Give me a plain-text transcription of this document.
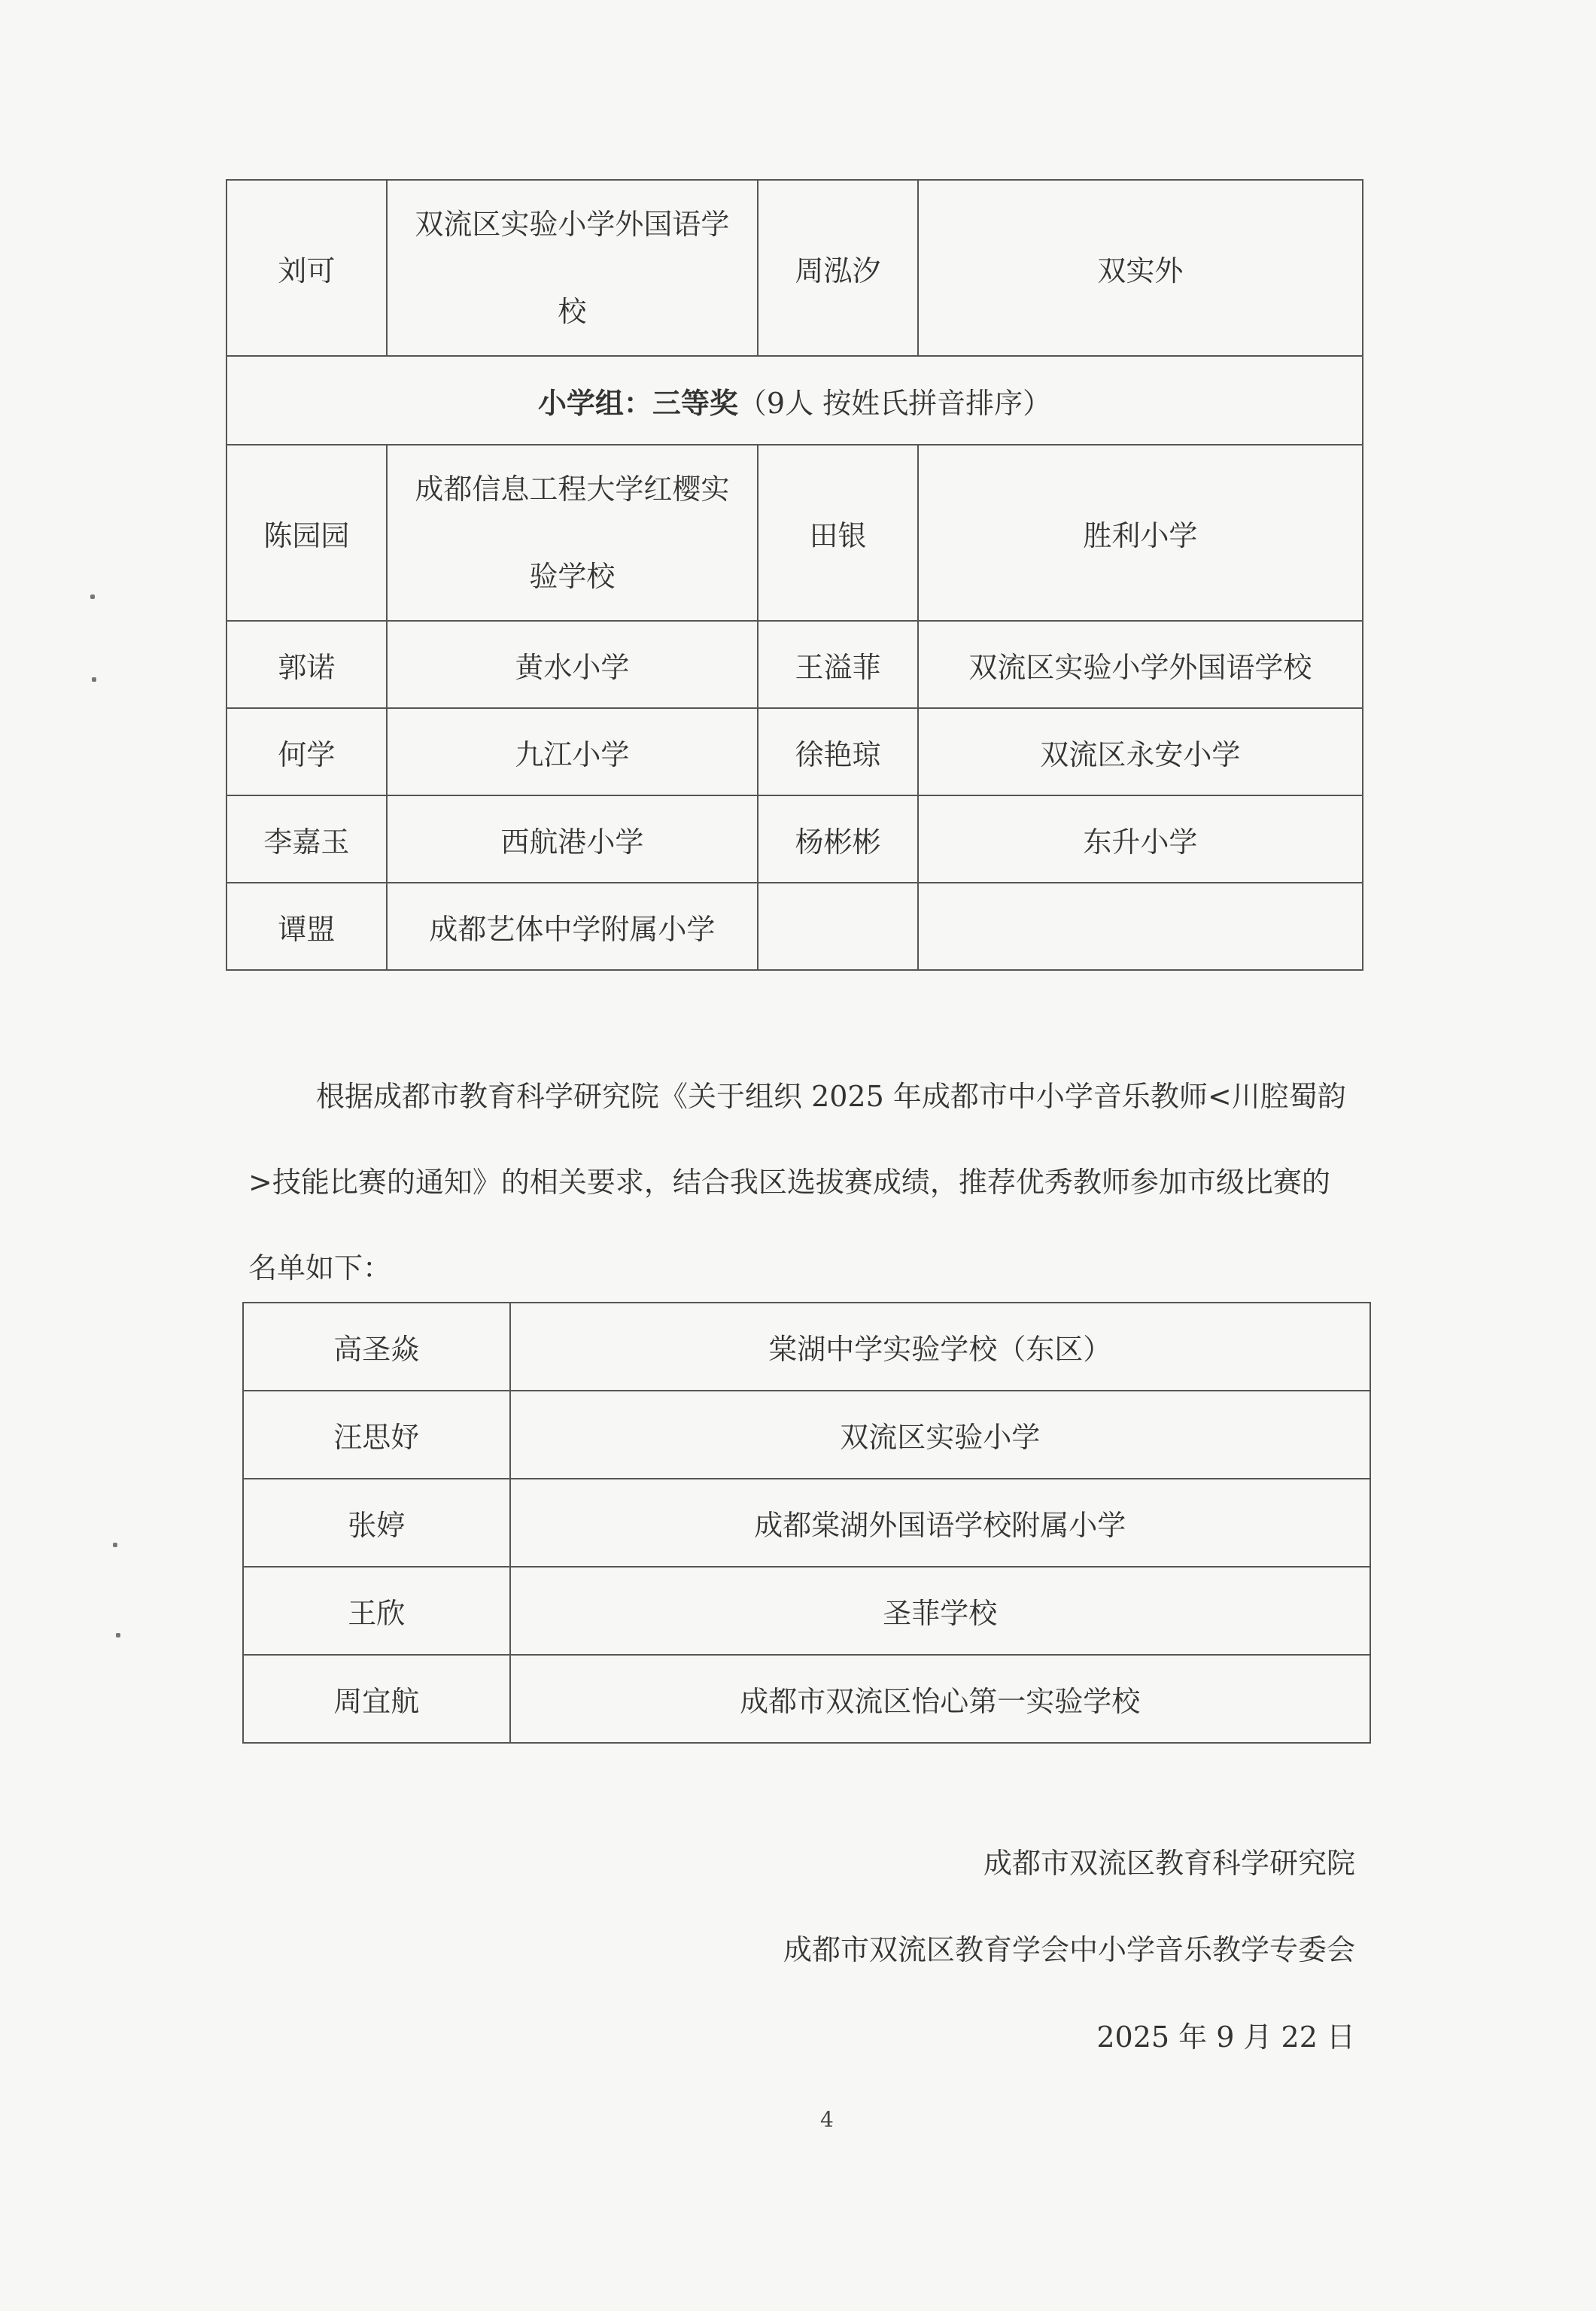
刘可	双流区实验小学外国语学校	周泓汐	双实外
小学组：三等奖（9人 按姓氏拼音排序）			
陈园园	成都信息工程大学红樱实验学校	田银	胜利小学
郭诺	黄水小学	王溢菲	双流区实验小学外国语学校
何学	九江小学	徐艳琼	双流区永安小学
李嘉玉	西航港小学	杨彬彬	东升小学
谭盟	成都艺体中学附属小学		

根据成都市教育科学研究院《关于组织 2025 年成都市中小学音乐教师<川腔蜀韵>技能比赛的通知》的相关要求，结合我区选拔赛成绩，推荐优秀教师参加市级比赛的名单如下：

高圣焱	棠湖中学实验学校（东区）
汪思妤	双流区实验小学
张婷	成都棠湖外国语学校附属小学
王欣	圣菲学校
周宜航	成都市双流区怡心第一实验学校
成都市双流区教育科学研究院
成都市双流区教育学会中小学音乐教学专委会
2025 年 9 月 22 日
4
